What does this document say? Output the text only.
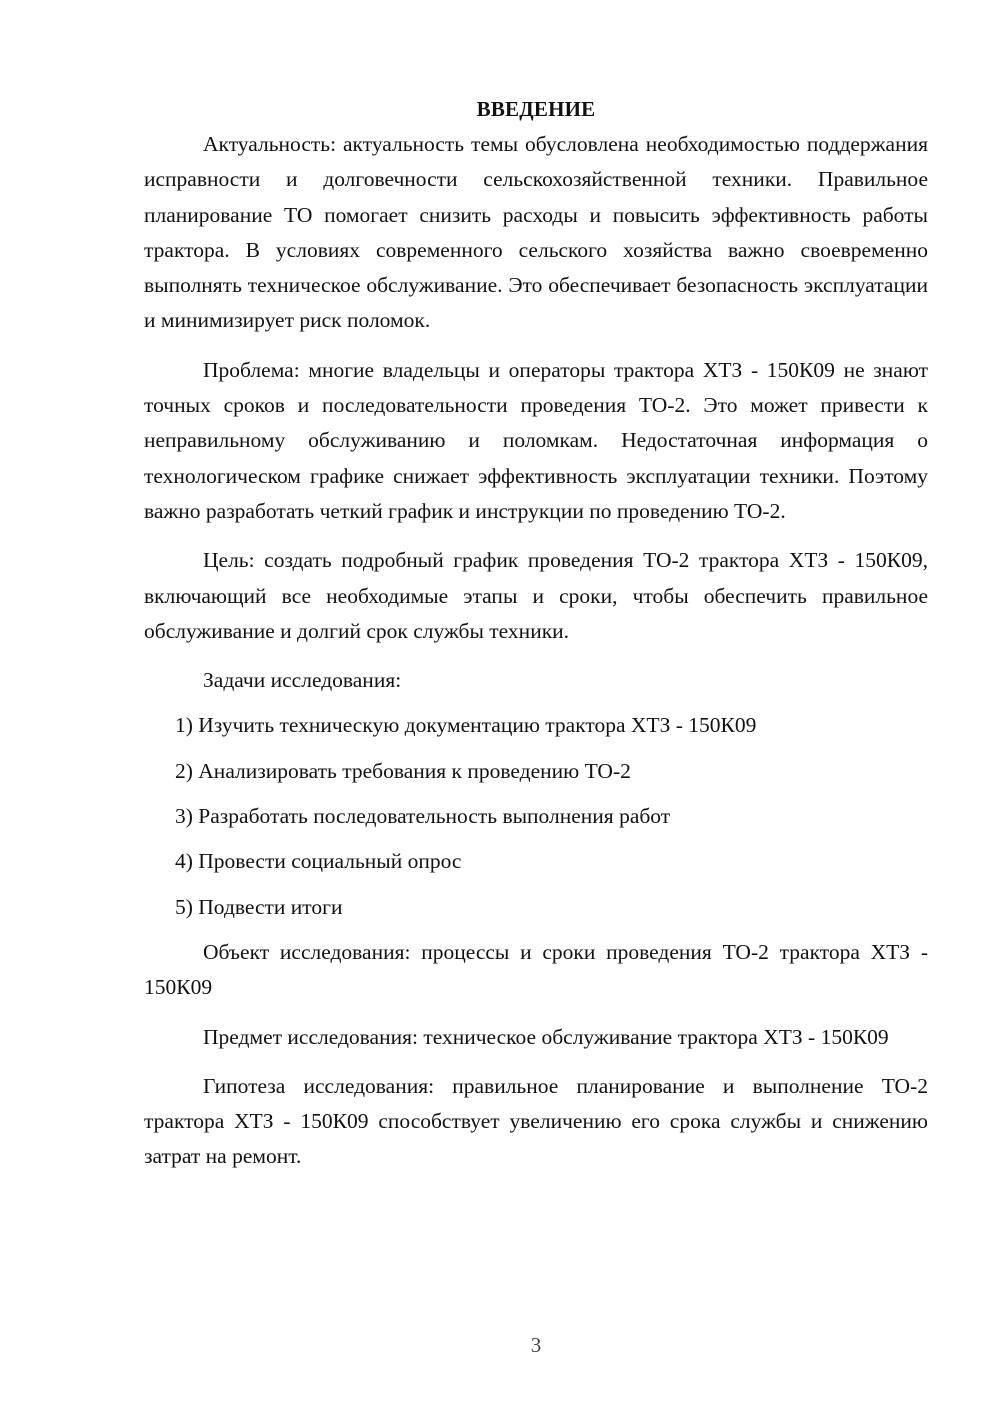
ВВЕДЕНИЕ

Актуальность: актуальность темы обусловлена необходимостью поддержания исправности и долговечности сельскохозяйственной техники. Правильное планирование ТО помогает снизить расходы и повысить эффективность работы трактора. В условиях современного сельского хозяйства важно своевременно выполнять техническое обслуживание. Это обеспечивает безопасность эксплуатации и минимизирует риск поломок.

Проблема: многие владельцы и операторы трактора ХТЗ - 150К09 не знают точных сроков и последовательности проведения ТО-2. Это может привести к неправильному обслуживанию и поломкам. Недостаточная информация о технологическом графике снижает эффективность эксплуатации техники. Поэтому важно разработать четкий график и инструкции по проведению ТО-2.

Цель: создать подробный график проведения ТО-2 трактора ХТЗ - 150К09, включающий все необходимые этапы и сроки, чтобы обеспечить правильное обслуживание и долгий срок службы техники.

Задачи исследования:

1) Изучить техническую документацию трактора ХТЗ - 150К09
2) Анализировать требования к проведению ТО-2
3) Разработать последовательность выполнения работ
4) Провести социальный опрос
5) Подвести итоги

Объект исследования: процессы и сроки проведения ТО-2 трактора ХТЗ - 150К09

Предмет исследования: техническое обслуживание трактора ХТЗ - 150К09

Гипотеза исследования: правильное планирование и выполнение ТО-2 трактора ХТЗ - 150К09 способствует увеличению его срока службы и снижению затрат на ремонт.

3
